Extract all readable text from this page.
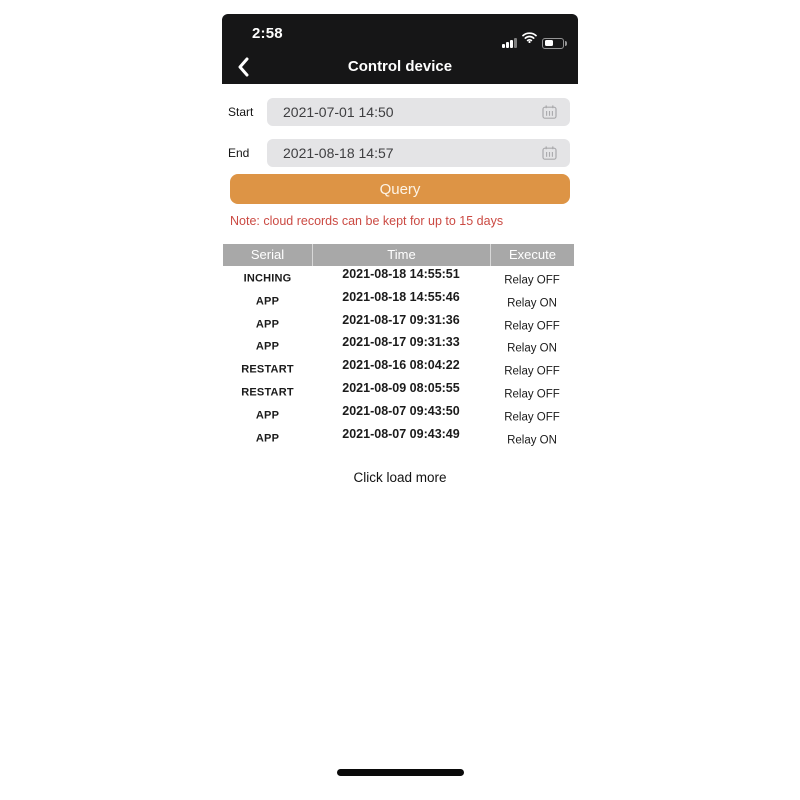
2:58
Control device
Start 2021-07-01 14:50
End 2021-08-18 14:57
Query
Note: cloud records can be kept for up to 15 days
Serial	Time	Execute
INCHING	2021-08-18 14:55:51	Relay OFF
APP	2021-08-18 14:55:46	Relay ON
APP	2021-08-17 09:31:36	Relay OFF
APP	2021-08-17 09:31:33	Relay ON
RESTART	2021-08-16 08:04:22	Relay OFF
RESTART	2021-08-09 08:05:55	Relay OFF
APP	2021-08-07 09:43:50	Relay OFF
APP	2021-08-07 09:43:49	Relay ON
Click load more
